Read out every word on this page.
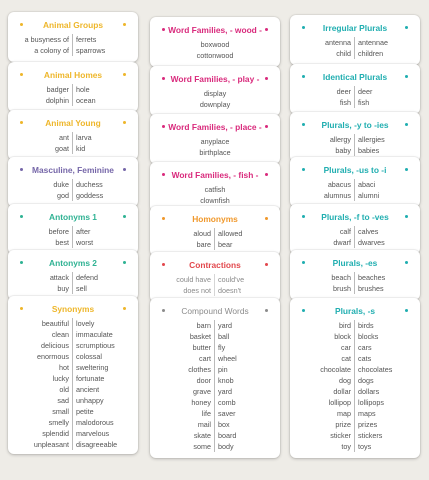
Animal Groups
a busyness of ferrets
a colony of sparrows
Animal Homes
badger hole
dolphin ocean
Animal Young
ant larva
goat kid
Masculine, Feminine
duke duchess
god goddess
Antonyms 1
before after
best worst
Antonyms 2
attack defend
buy sell
Synonyms
beautiful lovely
clean immaculate
delicious scrumptious
enormous colossal
hot sweltering
lucky fortunate
old ancient
sad unhappy
small petite
smelly malodorous
splendid marvelous
unpleasant disagreeable
Word Families, - wood -
boxwood
cottonwood
Word Families, - play -
display
downplay
Word Families, - place -
anyplace
birthplace
Word Families, - fish -
catfish
clownfish
Homonyms
aloud allowed
bare bear
Contractions
could have could've
does not doesn't
Compound Words
barn yard
basket ball
butter fly
cart wheel
clothes pin
door knob
grave yard
honey comb
life saver
mail box
skate board
some body
Irregular Plurals
antenna antennae
child children
Identical Plurals
deer deer
fish fish
Plurals, -y to -ies
allergy allergies
baby babies
Plurals, -us to -i
abacus abaci
alumnus alumni
Plurals, -f to -ves
calf calves
dwarf dwarves
Plurals, -es
beach beaches
brush brushes
Plurals, -s
bird birds
block blocks
car cars
cat cats
chocolate chocolates
dog dogs
dollar dollars
lollipop lollipops
map maps
prize prizes
sticker stickers
toy toys
